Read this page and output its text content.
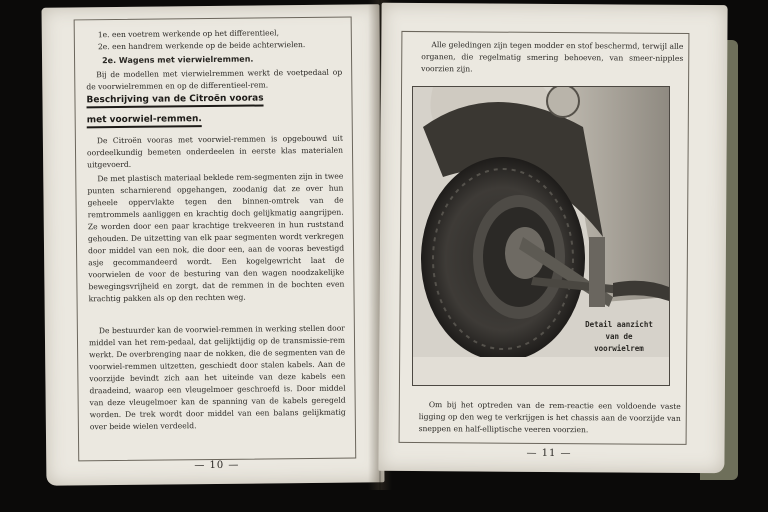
1e. een voetrem werkende op het differentieel,
2e. een handrem werkende op de beide achterwielen.
2e. Wagens met vierwielremmen.

Bij de modellen met vierwielremmen werkt de voetpedaal op de voorwielremmen en op de differentieel-rem.

Beschrijving van de Citroën vooras
met voorwiel-remmen.

De Citroën vooras met voorwiel-remmen is opgebouwd uit oordeelkundig bemeten onderdeelen in eerste klas materialen uitgevoerd.

De met plastisch materiaal beklede rem-segmenten zijn in twee punten scharnierend opgehangen, zoodanig dat ze over hun geheele oppervlakte tegen den binnen-omtrek van de remtrommels aanliggen en krachtig doch gelijkmatig aangrijpen. Ze worden door een paar krachtige trekveeren in hun ruststand gehouden. De uitzetting van elk paar segmenten wordt verkregen door middel van een nok, die door een, aan de vooras bevestigd asje gecommandeerd wordt. Een kogelgewricht laat de voorwielen de voor de besturing van den wagen noodzakelijke bewegingsvrijheid en zorgt, dat de remmen in de bochten even krachtig pakken als op den rechten weg.

De bestuurder kan de voorwiel-remmen in werking stellen door middel van het rem-pedaal, dat gelijktijdig op de transmissie-rem werkt. De overbrenging naar de nokken, die de segmenten van de voorwiel-remmen uitzetten, geschiedt door stalen kabels. Aan de voorzijde bevindt zich aan het uiteinde van deze kabels een draadeind, waarop een vleugelmoer geschroefd is. Door middel van deze vleugelmoer kan de spanning van de kabels geregeld worden. De trek wordt door middel van een balans gelijkmatig over beide wielen verdeeld.

— 10 —

Alle geledingen zijn tegen modder en stof beschermd, terwijl alle organen, die regelmatig smering behoeven, van smeer-nipples voorzien zijn.

Om bij het optreden van de rem-reactie een voldoende vaste ligging op den weg te verkrijgen is het chassis aan de voorzijde van sneppen en half-elliptische veeren voorzien.

— 11 —
Detail aanzicht
van de
voorwielrem
